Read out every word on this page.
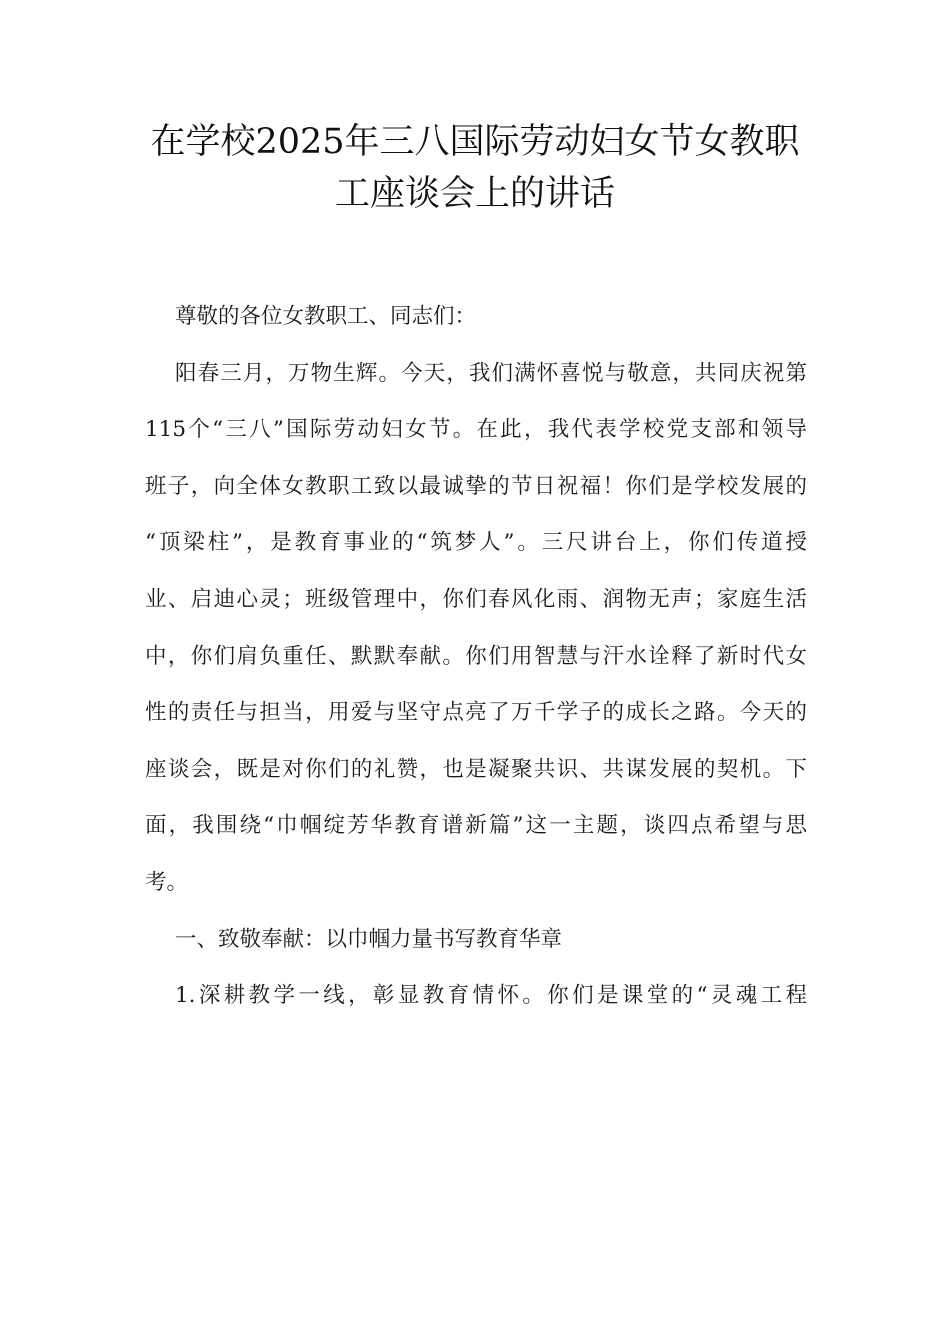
在学校2025年三八国际劳动妇女节女教职
工座谈会上的讲话
尊敬的各位女教职工、同志们：
阳春三月，万物生辉。今天，我们满怀喜悦与敬意，共同庆祝第
115个“三八”国际劳动妇女节。在此，我代表学校党支部和领导
班子，向全体女教职工致以最诚挚的节日祝福！你们是学校发展的
“顶梁柱”，是教育事业的“筑梦人”。三尺讲台上，你们传道授
业、启迪心灵；班级管理中，你们春风化雨、润物无声；家庭生活
中，你们肩负重任、默默奉献。你们用智慧与汗水诠释了新时代女
性的责任与担当，用爱与坚守点亮了万千学子的成长之路。今天的
座谈会，既是对你们的礼赞，也是凝聚共识、共谋发展的契机。下
面，我围绕“巾帼绽芳华教育谱新篇”这一主题，谈四点希望与思
考。
一、致敬奉献：以巾帼力量书写教育华章
1.深耕教学一线，彰显教育情怀。你们是课堂的“灵魂工程
